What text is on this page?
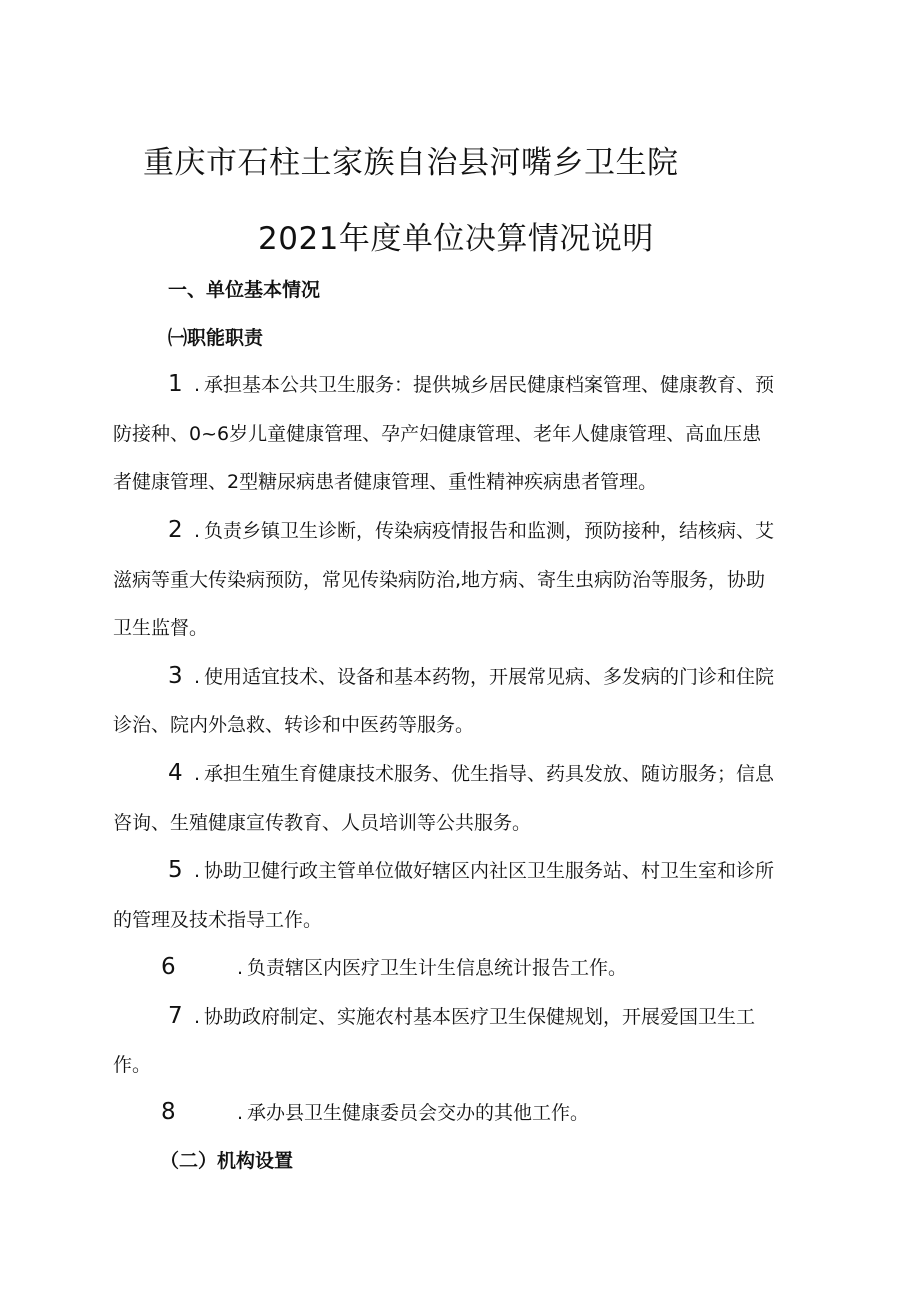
重庆市石柱土家族自治县河嘴乡卫生院
2021年度单位决算情况说明
一、单位基本情况
㈠职能职责
1 . 承担基本公共卫生服务：提供城乡居民健康档案管理、健康教育、预
防接种、0~6岁儿童健康管理、孕产妇健康管理、老年人健康管理、高血压患
者健康管理、2型糖尿病患者健康管理、重性精神疾病患者管理。
2 . 负责乡镇卫生诊断，传染病疫情报告和监测，预防接种，结核病、艾
滋病等重大传染病预防，常见传染病防治,地方病、寄生虫病防治等服务，协助
卫生监督。
3 . 使用适宜技术、设备和基本药物，开展常见病、多发病的门诊和住院
诊治、院内外急救、转诊和中医药等服务。
4 . 承担生殖生育健康技术服务、优生指导、药具发放、随访服务；信息
咨询、生殖健康宣传教育、人员培训等公共服务。
5 . 协助卫健行政主管单位做好辖区内社区卫生服务站、村卫生室和诊所
的管理及技术指导工作。
6	. 负责辖区内医疗卫生计生信息统计报告工作。
7 . 协助政府制定、实施农村基本医疗卫生保健规划，开展爱国卫生工
作。
8	. 承办县卫生健康委员会交办的其他工作。
（二）机构设置
